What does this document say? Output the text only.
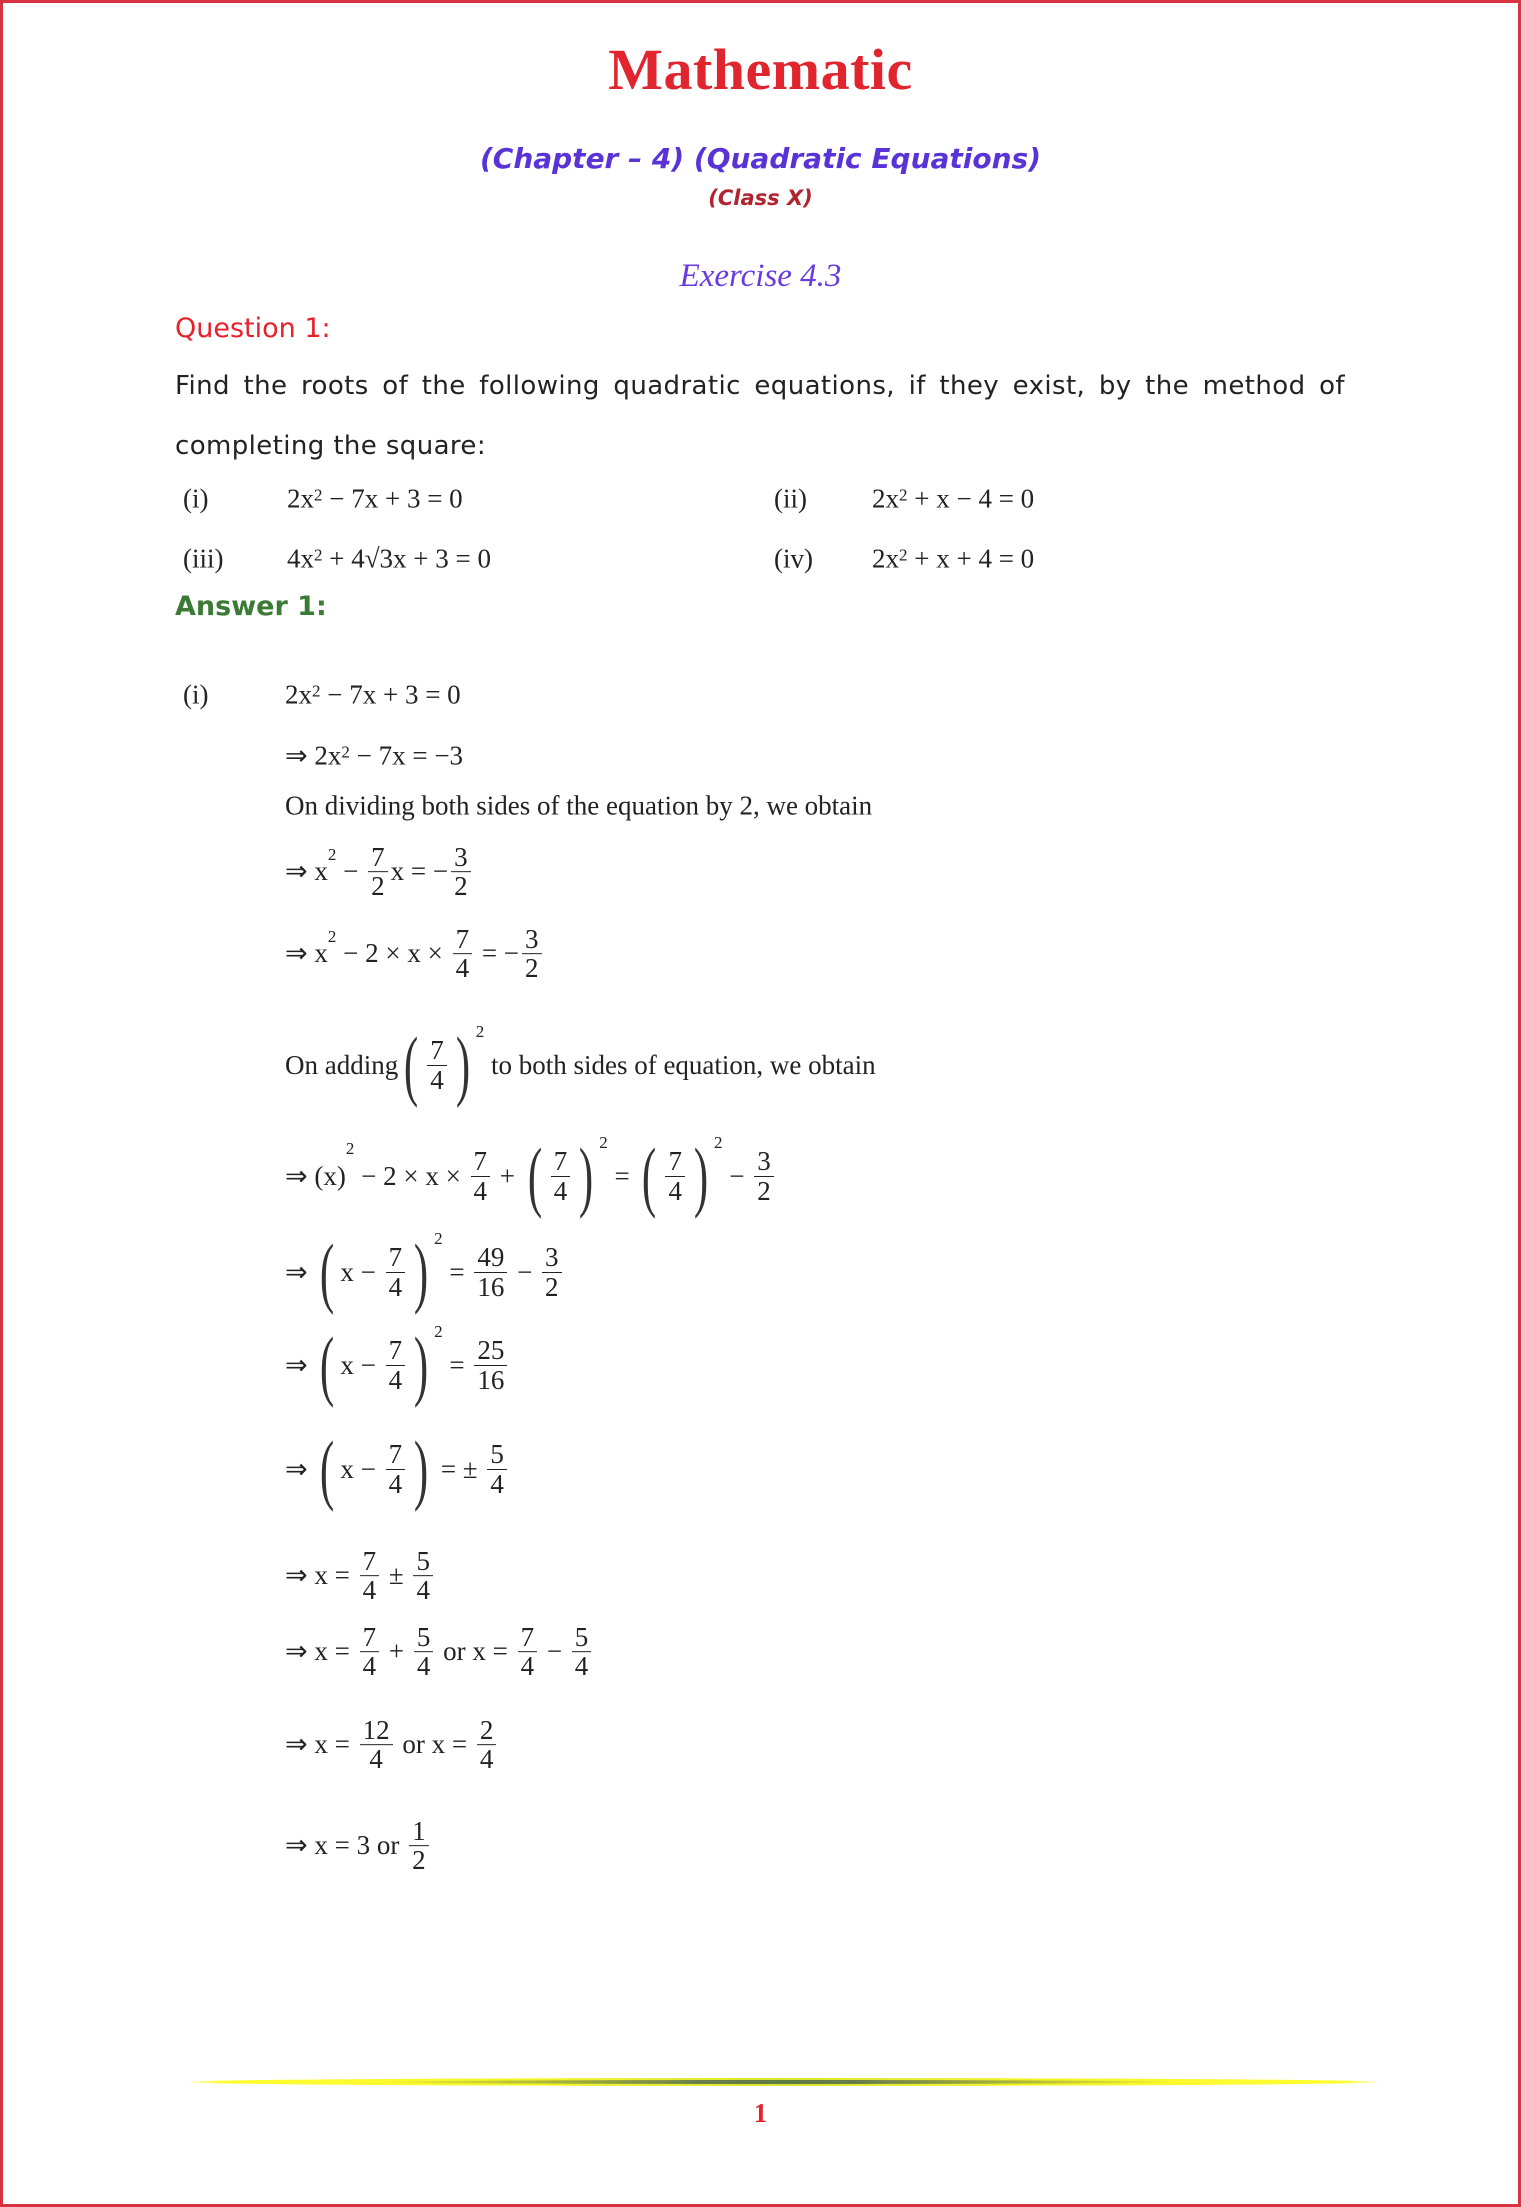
Mathematic
(Chapter – 4) (Quadratic Equations)
(Class X)
Exercise 4.3
Question 1:
Find the roots of the following quadratic equations, if they exist, by the method of completing the square:
(i)	2x 2 − 7x + 3 = 0	(ii) 2x 2 + x − 4 = 0
(iii) 4x 2 + 4√3x + 3 = 0	(iv) 2x 2 + x + 4 = 0
Answer 1:
(i)	2x 2 − 7x + 3 = 0
⇒ 2x 2 − 7x = −3
On dividing both sides of the equation by 2, we obtain
⇒ x
2
− $\frac{7}{2}$ x = − $\frac{3}{2}$
⇒ x
2
− $2 \times x \times \frac{7}{4}$ = − $\frac{3}{2}$
On adding ( $\frac{7}{4}$ ) 2
to both sides of equation, we obtain
⇒ (x)
2
− $2 \times x \times \frac{7}{4}$ + ( $\frac{7}{4}$ ) 2
= ( $\frac{7}{4}$ ) 2
− $\frac{3}{2}$
⇒ ( $x - \frac{7}{4}$ ) 2
= $\frac{49}{16} - \frac{3}{2}$
⇒ ( $x - \frac{7}{4}$ ) 2
= $\frac{25}{16}$
⇒ ( $x - \frac{7}{4}$ ) = ± $\frac{5}{4}$
⇒ $x = \frac{7}{4} \pm \frac{5}{4}$
⇒ $x = \frac{7}{4} + \frac{5}{4}$ or $x = \frac{7}{4} - \frac{5}{4}$
⇒ $x = \frac{12}{4}$ or $x = \frac{2}{4}$
⇒ x = 3 or $\frac{1}{2}$
1
